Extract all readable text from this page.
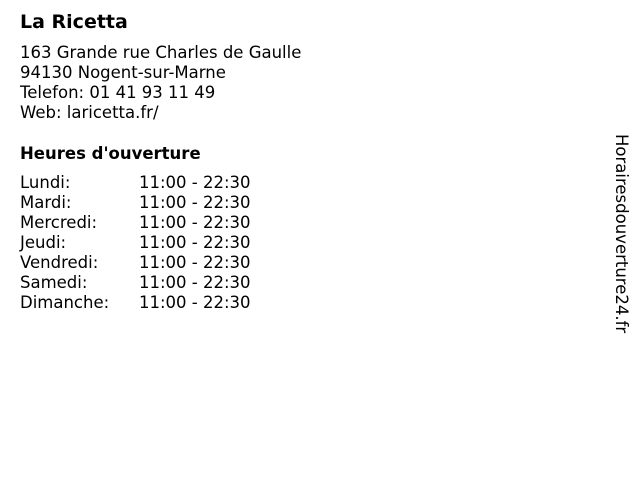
La Ricetta
163 Grande rue Charles de Gaulle
94130 Nogent-sur-Marne
Telefon: 01 41 93 11 49
Web: laricetta.fr/
Heures d'ouverture
Lundi:	11:00 - 22:30
Mardi:	11:00 - 22:30
Mercredi:	11:00 - 22:30
Jeudi:	11:00 - 22:30
Vendredi: 11:00 - 22:30
Samedi:	11:00 - 22:30
Dimanche: 11:00 - 22:30	Horairesdouverture24.fr
